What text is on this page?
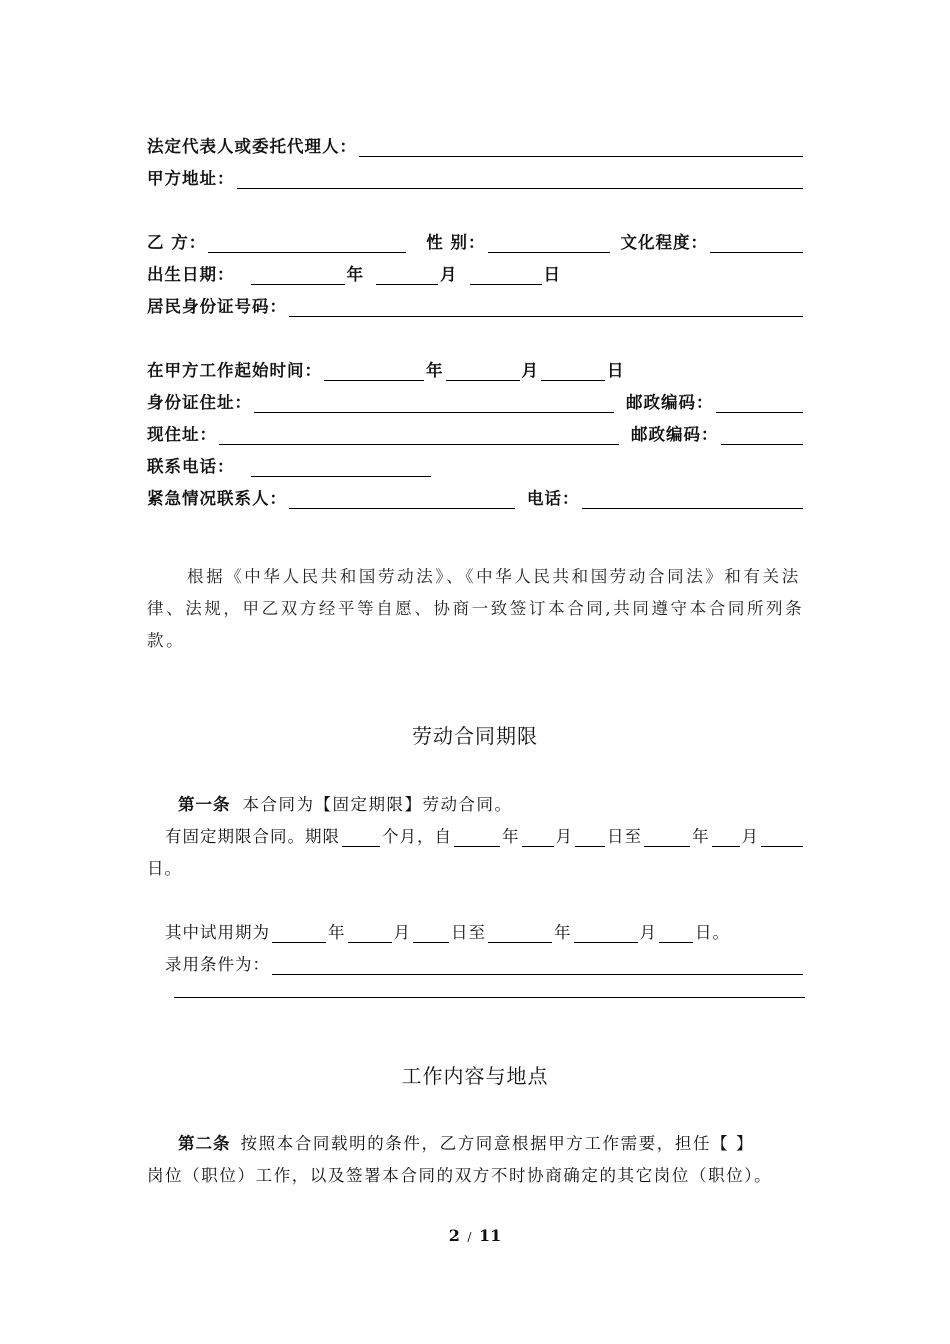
法定代表人或委托代理人：
甲方地址：
乙 方：	性 别：	文化程度：
出生日期：	年	月	日
居民身份证号码：
在甲方工作起始时间：	年	月	日
身份证住址：	邮政编码：
现住址：	邮政编码：
联系电话：
紧急情况联系人：	电话：
根据《中华人民共和国劳动法》、《中华人民共和国劳动合同法》和有关法律、法规，甲乙双方经平等自愿、协商一致签订本合同,共同遵守本合同所列条款。
劳动合同期限
第一条 本合同为【固定期限】劳动合同。
有固定期限合同。期限	个月，自	年 月 日至	年 月
日。
其中试用期为	年	月 日至	年	月 日。
录用条件为：
工作内容与地点
第二条 按照本合同载明的条件，乙方同意根据甲方工作需要，担任【 】
岗位（职位）工作，以及签署本合同的双方不时协商确定的其它岗位（职位）。
2 / 11
